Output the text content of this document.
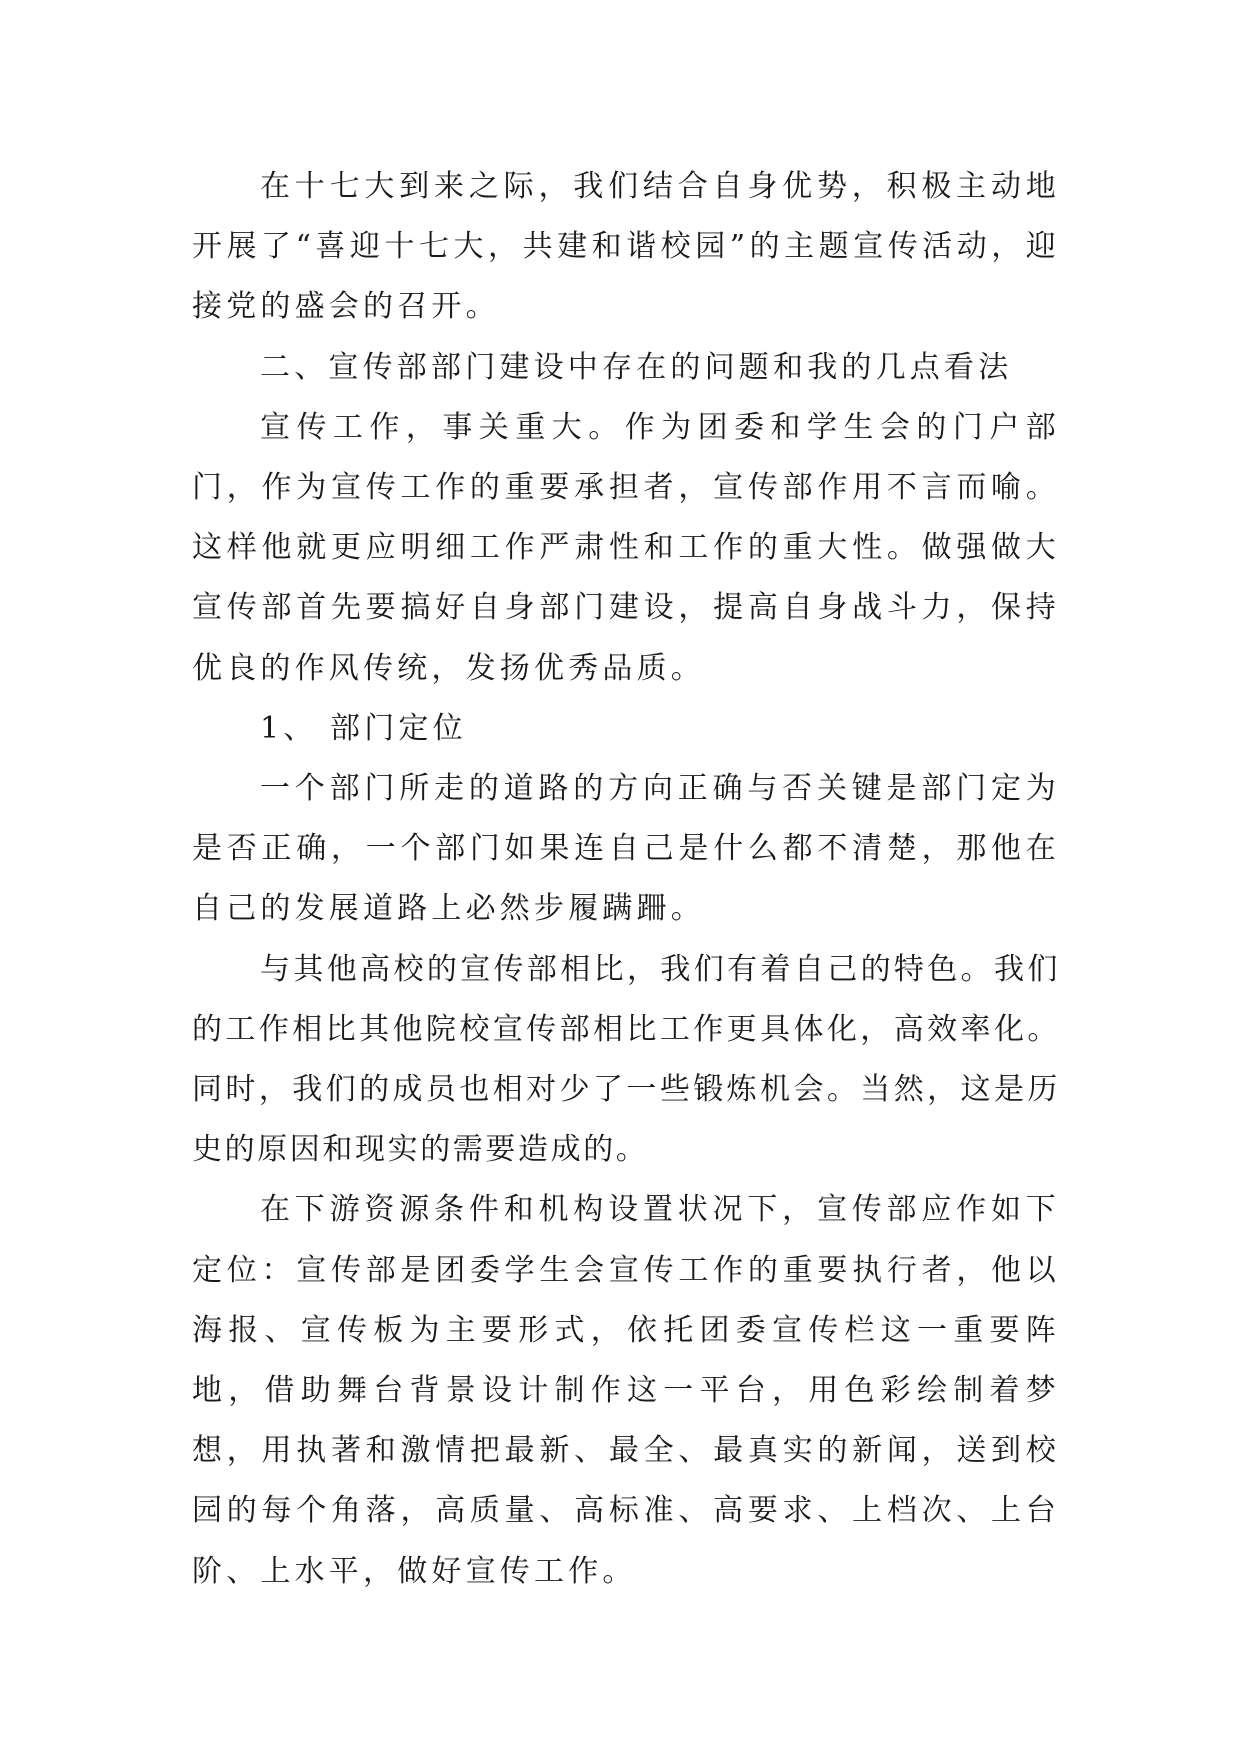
在十七大到来之际，我们结合自身优势，积极主动地开展了“喜迎十七大，共建和谐校园”的主题宣传活动，迎接党的盛会的召开。

二、宣传部部门建设中存在的问题和我的几点看法

宣传工作，事关重大。作为团委和学生会的门户部门，作为宣传工作的重要承担者，宣传部作用不言而喻。这样他就更应明细工作严肃性和工作的重大性。做强做大宣传部首先要搞好自身部门建设，提高自身战斗力，保持优良的作风传统，发扬优秀品质。

1、 部门定位

一个部门所走的道路的方向正确与否关键是部门定为是否正确，一个部门如果连自己是什么都不清楚，那他在自己的发展道路上必然步履蹒跚。

与其他高校的宣传部相比，我们有着自己的特色。我们的工作相比其他院校宣传部相比工作更具体化，高效率化。同时，我们的成员也相对少了一些锻炼机会。当然，这是历史的原因和现实的需要造成的。

在下游资源条件和机构设置状况下，宣传部应作如下定位：宣传部是团委学生会宣传工作的重要执行者，他以海报、宣传板为主要形式，依托团委宣传栏这一重要阵地，借助舞台背景设计制作这一平台，用色彩绘制着梦想，用执著和激情把最新、最全、最真实的新闻，送到校园的每个角落，高质量、高标准、高要求、上档次、上台阶、上水平，做好宣传工作。
